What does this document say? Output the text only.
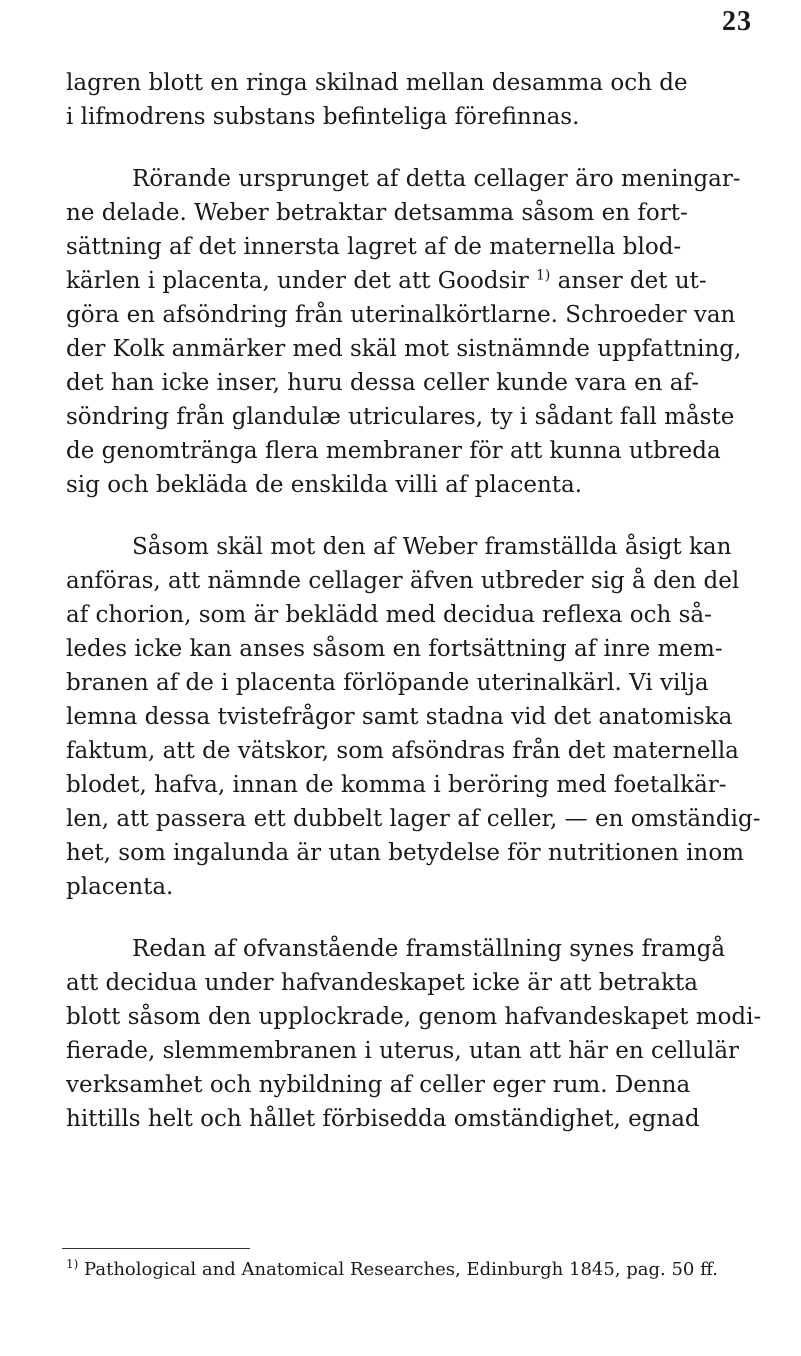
23
lagren blott en ringa skilnad mellan desamma och de
i lifmodrens substans befinteliga förefinnas.
Rörande ursprunget af detta cellager äro meningar-
ne delade. Weber betraktar detsamma såsom en fort-
sättning af det innersta lagret af de maternella blod-
kärlen i placenta, under det att Goodsir $^{1)}$ anser det ut-
göra en afsöndring från uterinalkörtlarne. Schroeder van
der Kolk anmärker med skäl mot sistnämnde uppfattning,
det han icke inser, huru dessa celler kunde vara en af-
söndring från glandulæ utriculares, ty i sådant fall måste
de genomtränga flera membraner för att kunna utbreda
sig och bekläda de enskilda villi af placenta.
Såsom skäl mot den af Weber framställda åsigt kan
anföras, att nämnde cellager äfven utbreder sig å den del
af chorion, som är beklädd med decidua reflexa och så-
ledes icke kan anses såsom en fortsättning af inre mem-
branen af de i placenta förlöpande uterinalkärl. Vi vilja
lemna dessa tvistefrågor samt stadna vid det anatomiska
faktum, att de vätskor, som afsöndras från det maternella
blodet, hafva, innan de komma i beröring med foetalkär-
len, att passera ett dubbelt lager af celler, — en omständig-
het, som ingalunda är utan betydelse för nutritionen inom
placenta.
Redan af ofvanstående framställning synes framgå
att decidua under hafvandeskapet icke är att betrakta
blott såsom den upplockrade, genom hafvandeskapet modi-
fierade, slemmembranen i uterus, utan att här en cellulär
verksamhet och nybildning af celler eger rum. Denna
hittills helt och hållet förbisedda omständighet, egnad
$^{1)}$ Pathological and Anatomical Researches, Edinburgh 1845, pag. 50 ff.
